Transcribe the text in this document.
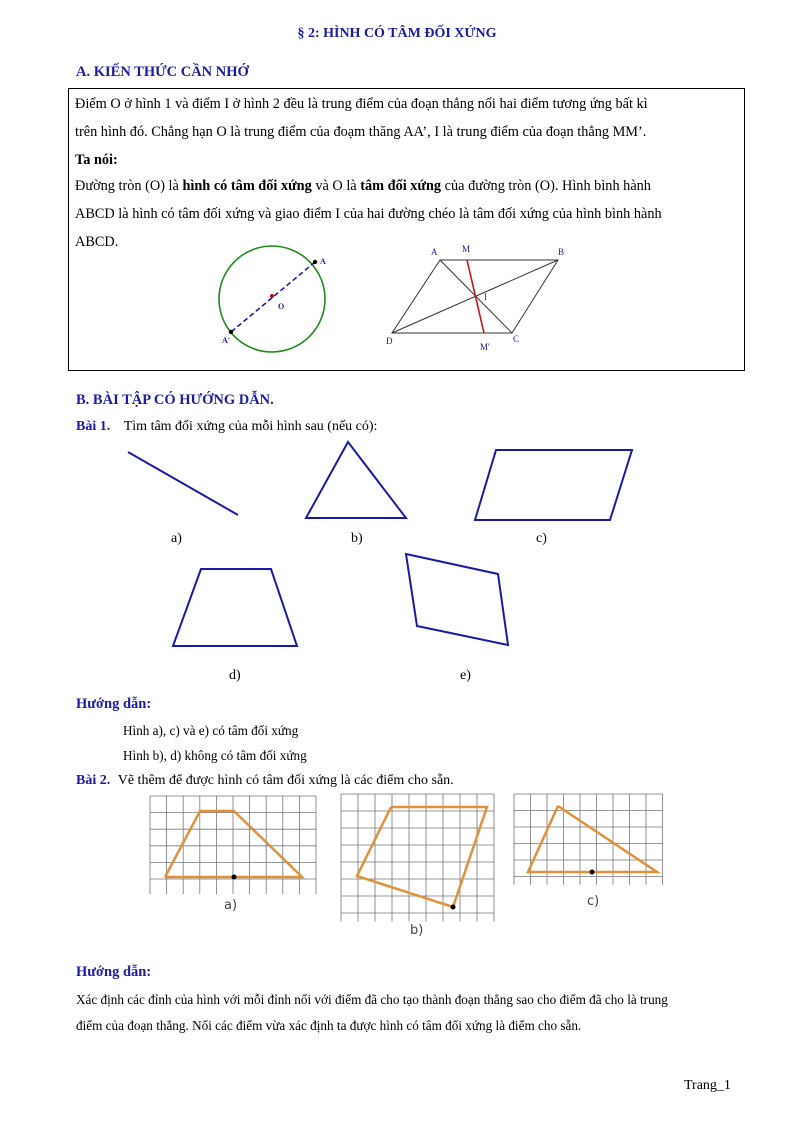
§ 2: HÌNH CÓ TÂM ĐỐI XỨNG
A. KIẾN THỨC CẦN NHỚ
Điểm O ở hình 1 và điểm I ở hình 2 đều là trung điểm của đoạn thẳng nối hai điểm tương ứng bất kì
trên hình đó. Chẳng hạn O là trung điểm của đoạm thăng AA’, I là trung điểm của đoạn thẳng MM’.
Ta nói:
Đường tròn (O) là hình có tâm đối xứng và O là tâm đối xứng của đường tròn (O). Hình bình hành
ABCD là hình có tâm đối xứng và giao điểm I của hai đường chéo là tâm đối xứng của hình bình hành
ABCD.
A
O
A'
A	M	B
I
D	C
M'
B. BÀI TẬP CÓ HƯỚNG DẪN.
Bài 1. Tìm tâm đối xứng của mỗi hình sau (nếu có):
a)	b)	c)
d)	e)
Hướng dẫn:
Hình a), c) và e) có tâm đối xứng
Hình b), d) không có tâm đối xứng
Bài 2. Vẽ thêm để được hình có tâm đối xứng là các điểm cho sẵn.
a)
b)
c)
Hướng dẫn:
Xác định các đỉnh của hình với mỗi đỉnh nối với điểm đã cho tạo thành đoạn thẳng sao cho điểm đã cho là trung
điểm của đoạn thẳng. Nối các điểm vừa xác định ta được hình có tâm đối xứng là điểm cho sẵn.
Trang_1
